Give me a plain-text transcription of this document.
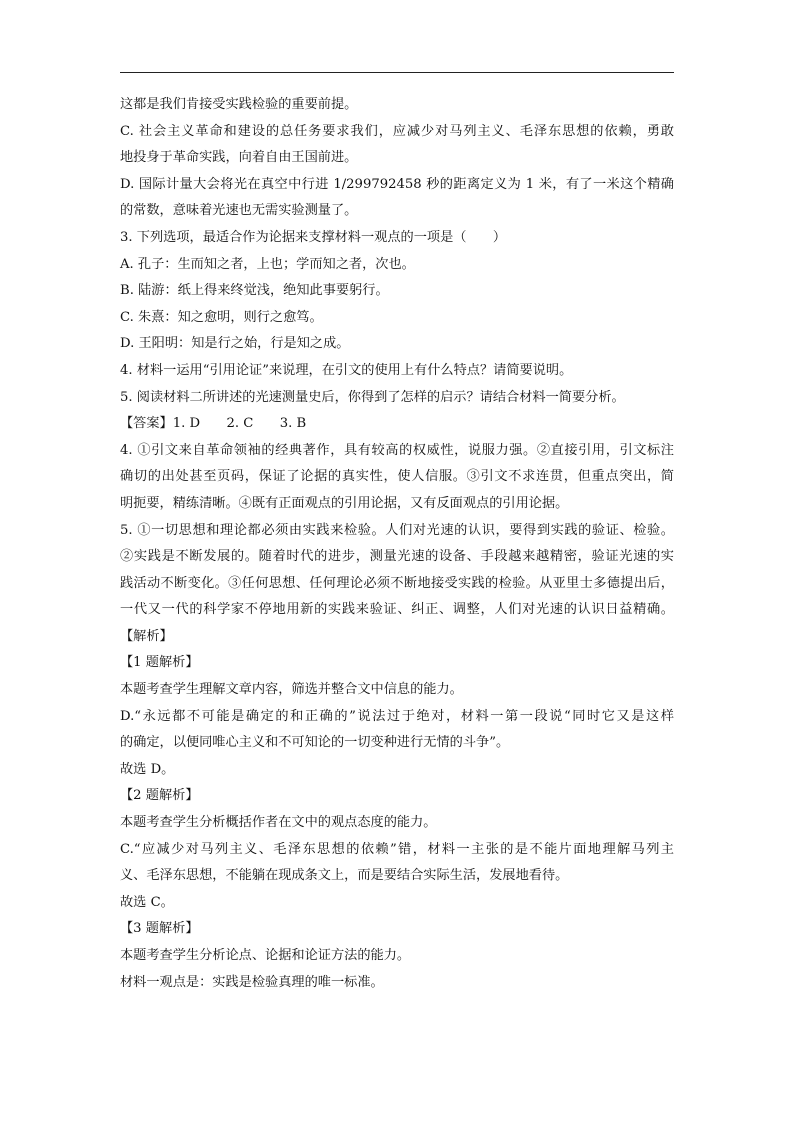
这都是我们肯接受实践检验的重要前提。
C. 社会主义革命和建设的总任务要求我们，应减少对马列主义、毛泽东思想的依赖，勇敢
地投身于革命实践，向着自由王国前进。
D. 国际计量大会将光在真空中行进 1/299792458 秒的距离定义为 1 米，有了一米这个精确
的常数，意味着光速也无需实验测量了。
3. 下列选项，最适合作为论据来支撑材料一观点的一项是（　　）
A. 孔子：生而知之者，上也；学而知之者，次也。
B. 陆游：纸上得来终觉浅，绝知此事要躬行。
C. 朱熹：知之愈明，则行之愈笃。
D. 王阳明：知是行之始，行是知之成。
4. 材料一运用“引用论证”来说理，在引文的使用上有什么特点？请简要说明。
5. 阅读材料二所讲述的光速测量史后，你得到了怎样的启示？请结合材料一简要分析。
【答案】1. D　　2. C　　3. B
4. ①引文来自革命领袖的经典著作，具有较高的权威性，说服力强。②直接引用，引文标注
确切的出处甚至页码，保证了论据的真实性，使人信服。③引文不求连贯，但重点突出，简
明扼要，精练清晰。④既有正面观点的引用论据，又有反面观点的引用论据。
5. ①一切思想和理论都必须由实践来检验。人们对光速的认识，要得到实践的验证、检验。
②实践是不断发展的。随着时代的进步，测量光速的设备、手段越来越精密，验证光速的实
践活动不断变化。③任何思想、任何理论必须不断地接受实践的检验。从亚里士多德提出后，
一代又一代的科学家不停地用新的实践来验证、纠正、调整，人们对光速的认识日益精确。
【解析】
【1 题解析】
本题考查学生理解文章内容，筛选并整合文中信息的能力。
D.“永远都不可能是确定的和正确的”说法过于绝对，材料一第一段说“同时它又是这样
的确定，以便同唯心主义和不可知论的一切变种进行无情的斗争”。
故选 D。
【2 题解析】
本题考查学生分析概括作者在文中的观点态度的能力。
C.“应减少对马列主义、毛泽东思想的依赖”错，材料一主张的是不能片面地理解马列主
义、毛泽东思想，不能躺在现成条文上，而是要结合实际生活，发展地看待。
故选 C。
【3 题解析】
本题考查学生分析论点、论据和论证方法的能力。
材料一观点是：实践是检验真理的唯一标准。
